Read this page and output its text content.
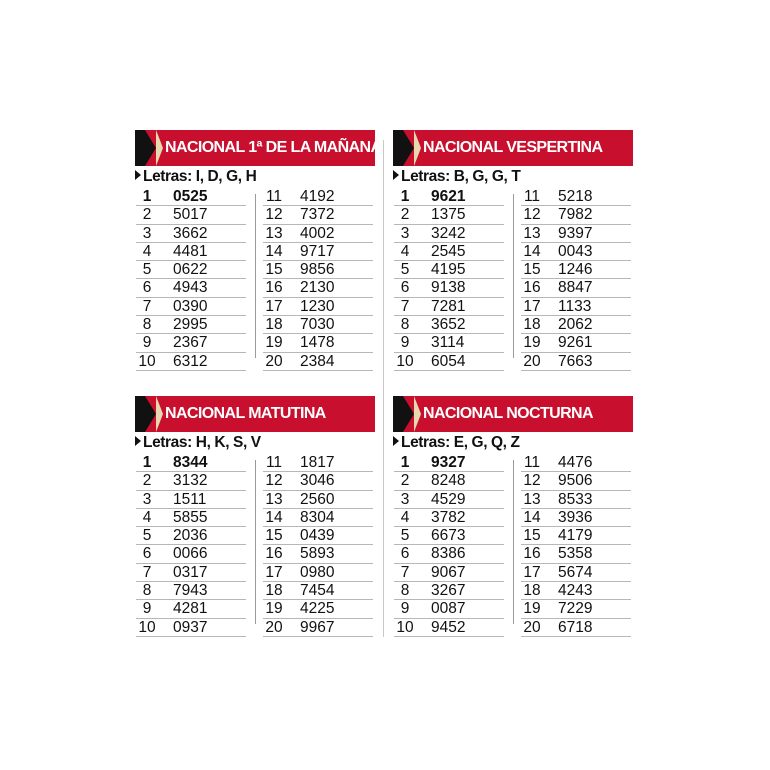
NACIONAL 1ª DE LA MAÑANA
Letras: I, D, G, H
1	0525
2	5017
3	3662
4	4481
5	0622
6	4943
7	0390
8	2995
9	2367
10 6312
11 4192
12 7372
13 4002
14 9717
15 9856
16 2130
17 1230
18 7030
19 1478
20 2384
NACIONAL VESPERTINA
Letras: B, G, G, T
1	9621
2	1375
3	3242
4	2545
5	4195
6	9138
7	7281
8	3652
9	3114
10 6054
11 5218
12 7982
13 9397
14 0043
15 1246
16 8847
17 1133
18 2062
19 9261
20 7663
NACIONAL MATUTINA
Letras: H, K, S, V
1	8344
2	3132
3	1511
4	5855
5	2036
6	0066
7	0317
8	7943
9	4281
10 0937
11 1817
12 3046
13 2560
14 8304
15 0439
16 5893
17 0980
18 7454
19 4225
20 9967
NACIONAL NOCTURNA
Letras: E, G, Q, Z
1	9327
2	8248
3	4529
4	3782
5	6673
6	8386
7	9067
8	3267
9	0087
10 9452
11 4476
12 9506
13 8533
14 3936
15 4179
16 5358
17 5674
18 4243
19 7229
20 6718
